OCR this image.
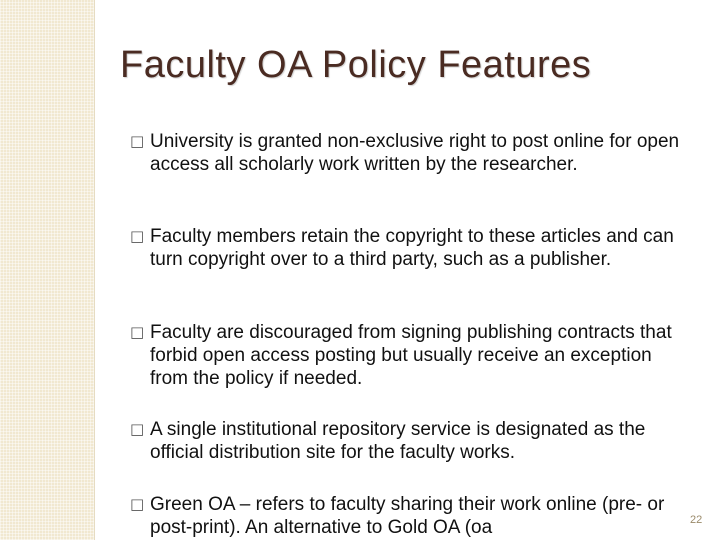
Faculty OA Policy Features
□ University is granted non-exclusive right to post online for open access all scholarly work written by the researcher.
□ Faculty members retain the copyright to these articles and can turn copyright over to a third party, such as a publisher.
□ Faculty are discouraged from signing publishing contracts that forbid open access posting but usually receive an exception from the policy if needed.
□ A single institutional repository service is designated as the official distribution site for the faculty works.
□ Green OA – refers to faculty sharing their work online (pre- or post-print). An alternative to Gold OA (oa	22
